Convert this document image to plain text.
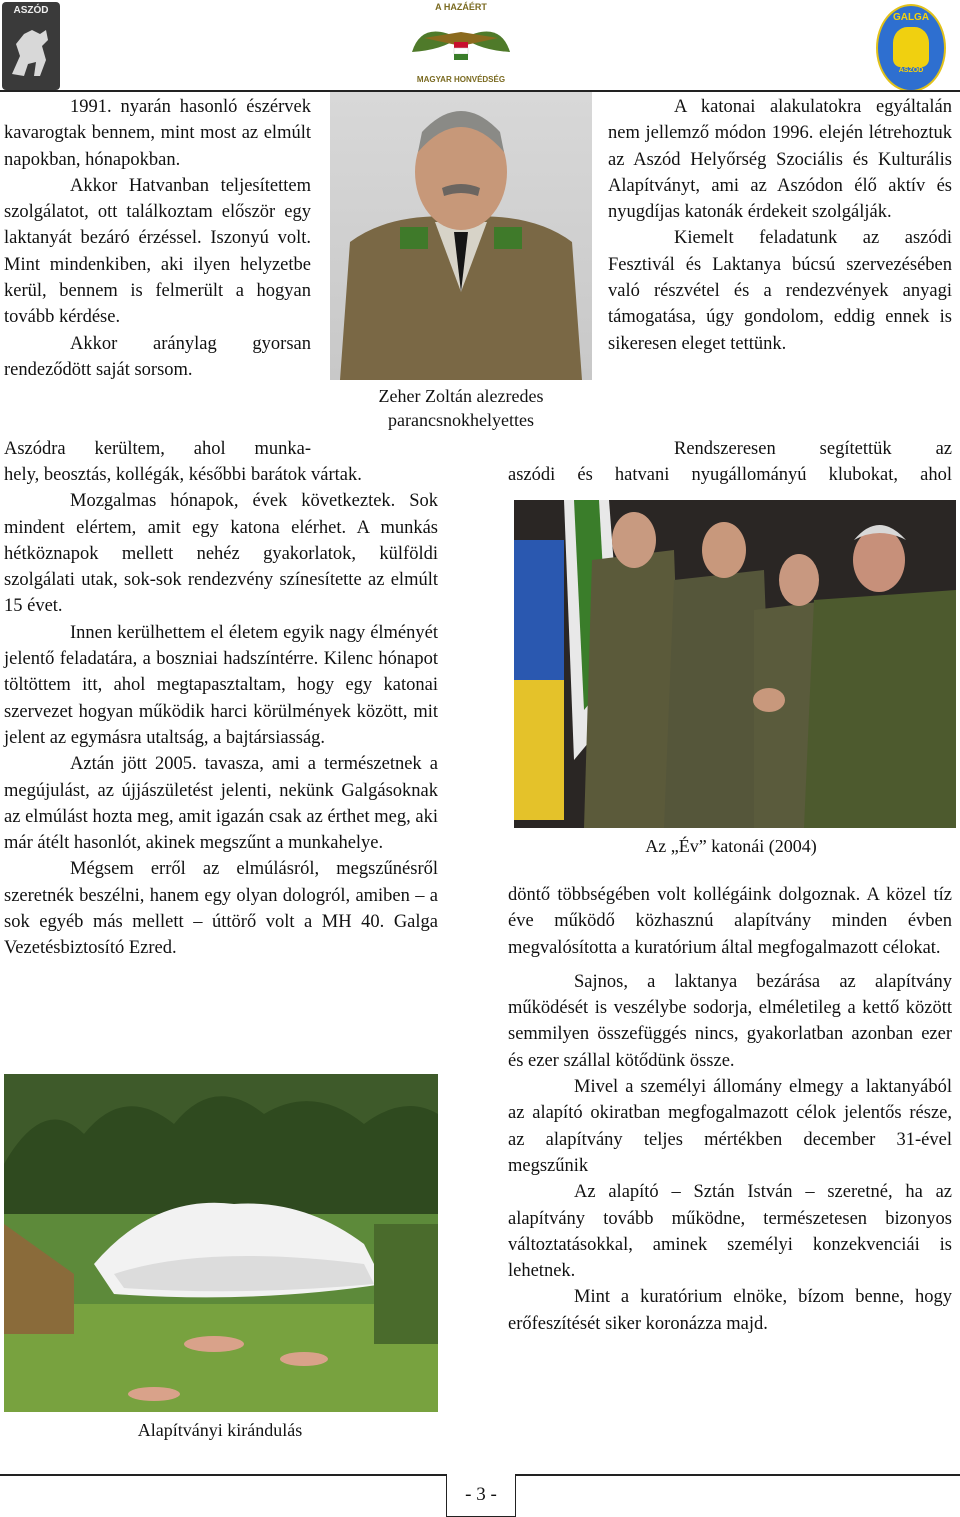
ASZÓD	A HAZÁÉRT
MAGYAR HONVÉDSÉG
GALGA
ASZÓD
Zeher Zoltán alezredes
parancsnokhelyettes

1991. nyarán hasonló észérvek kavarogtak bennem, mint most az elmúlt napokban, hónapokban.

Akkor Hatvanban teljesítettem szolgálatot, ott találkoztam először egy laktanyát bezáró érzéssel. Iszonyú volt. Mint mindenkiben, aki ilyen helyzetbe kerül, bennem is felmerült a hogyan tovább kérdése.

Akkor aránylag gyorsan rendeződött saját sorsom.

Aszódra kerültem, ahol munka-

hely, beosztás, kollégák, későbbi barátok vártak.

Mozgalmas hónapok, évek következtek. Sok mindent elértem, amit egy katona elérhet. A munkás hétköznapok mellett nehéz gyakorlatok, külföldi szolgálati utak, sok-sok rendezvény színesítette az elmúlt 15 évet.

Innen kerülhettem el életem egyik nagy élményét jelentő feladatára, a boszniai hadszíntérre. Kilenc hónapot töltöttem itt, ahol megtapasztaltam, hogy egy katonai szervezet hogyan működik harci körülmények között, mit jelent az egymásra utaltság, a bajtársiasság.

Aztán jött 2005. tavasza, ami a természetnek a megújulást, az újjászületést jelenti, nekünk Galgásoknak az elmúlást hozta meg, amit igazán csak az érthet meg, aki már átélt hasonlót, akinek megszűnt a munkahelye.

Mégsem erről az elmúlásról, megszűnésről szeretnék beszélni, hanem egy olyan dologról, amiben – a sok egyéb más mellett – úttörő volt a MH 40. Galga Vezetésbiztosító Ezred.

Alapítványi kirándulás

A katonai alakulatokra egyáltalán nem jellemző módon 1996. elején létrehoztuk az Aszód Helyőrség Szociális és Kulturális Alapítványt, ami az Aszódon élő aktív és nyugdíjas katonák érdekeit szolgálják.

Kiemelt feladatunk az aszódi Fesztivál és Laktanya búcsú szervezésében való részvétel és a rendezvények anyagi támogatása, úgy gondolom, eddig ennek is sikeresen eleget tettünk.

Rendszeresen segítettük az
aszódi és hatvani nyugállományú klubokat, ahol
Az „Év” katonái (2004)

döntő többségében volt kollégáink dolgoznak. A közel tíz éve működő közhasznú alapítvány minden évben megvalósította a kuratórium által megfogalmazott célokat.

Sajnos, a laktanya bezárása az alapítvány működését is veszélybe sodorja, elméletileg a kettő között semmilyen összefüggés nincs, gyakorlatban azonban ezer és ezer szállal kötődünk össze.

Mivel a személyi állomány elmegy a laktanyából az alapító okiratban megfogalmazott célok jelentős része, az alapítvány teljes mértékben december 31-ével megszűnik

Az alapító – Sztán István – szeretné, ha az alapítvány tovább működne, természetesen bizonyos változtatásokkal, aminek személyi konzekvenciái is lehetnek.

Mint a kuratórium elnöke, bízom benne, hogy erőfeszítését siker koronázza majd.

- 3 -
